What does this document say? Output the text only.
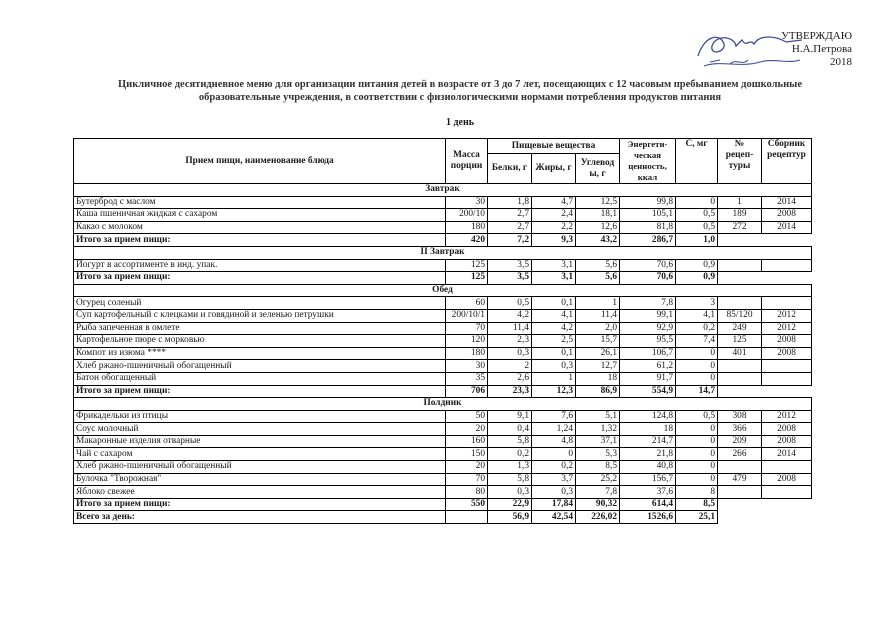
УТВЕРЖДАЮ
Н.А.Петрова
2018
Цикличное десятидневное меню для организации питания детей в возрасте от 3 до 7 лет, посещающих с 12 часовым пребыванием дошкольные образовательные учреждения, в соответствии с физиологическими нормами потребления продуктов питания
1 день
Прием пищи, наименование блюда	Масса порции	Пищевые вещества			Энергети-ческая ценность, ккал	С, мг	№ рецеп-туры	Сборник рецептур
		Белки, г	Жиры, г	Углевод ы, г				
Завтрак								
Бутерброд с маслом	30	1,8	4,7	12,5	99,8	0	1	2014
Каша пшеничная жидкая с сахаром	200/10	2,7	2,4	18,1	105,1	0,5	189	2008
Какао с молоком	180	2,7	2,2	12,6	81,8	0,5	272	2014
Итого за прием пищи:	420	7,2	9,3	43,2	286,7	1,0		
II Завтрак								
Йогурт в ассортименте в инд. упак.	125	3,5	3,1	5,6	70,6	0,9		
Итого за прием пищи:	125	3,5	3,1	5,6	70,6	0,9		
Обед								
Огурец соленый	60	0,5	0,1	1	7,8	3		
Суп картофельный с клецками и говядиной и зеленью петрушки	200/10/1	4,2	4,1	11,4	99,1	4,1	85/120	2012
Рыба запеченная в омлете	70	11,4	4,2	2,0	92,9	0,2	249	2012
Картофельное пюре с морковью	120	2,3	2,5	15,7	95,5	7,4	125	2008
Компот из изюма ****	180	0,3	0,1	26,1	106,7	0	401	2008
Хлеб ржано-пшеничный обогащенный	30	2	0,3	12,7	61,2	0		
Батон обогащенный	35	2,6	1	18	91,7	0		
Итого за прием пищи:	706	23,3	12,3	86,9	554,9	14,7		
Полдник								
Фрикадельки из птицы	50	9,1	7,6	5,1	124,8	0,5	308	2012
Соус молочный	20	0,4	1,24	1,32	18	0	366	2008
Макаронные изделия отварные	160	5,8	4,8	37,1	214,7	0	209	2008
Чай с сахаром	150	0,2	0	5,3	21,8	0	266	2014
Хлеб ржано-пшеничный обогащенный	20	1,3	0,2	8,5	40,8	0		
Булочка "Творожная"	70	5,8	3,7	25,2	156,7	0	479	2008
Яблоко свежее	80	0,3	0,3	7,8	37,6	8		
Итого за прием пищи:	550	22,9	17,84	90,32	614,4	8,5		
Всего за день:		56,9	42,54	226,02	1526,6	25,1		
